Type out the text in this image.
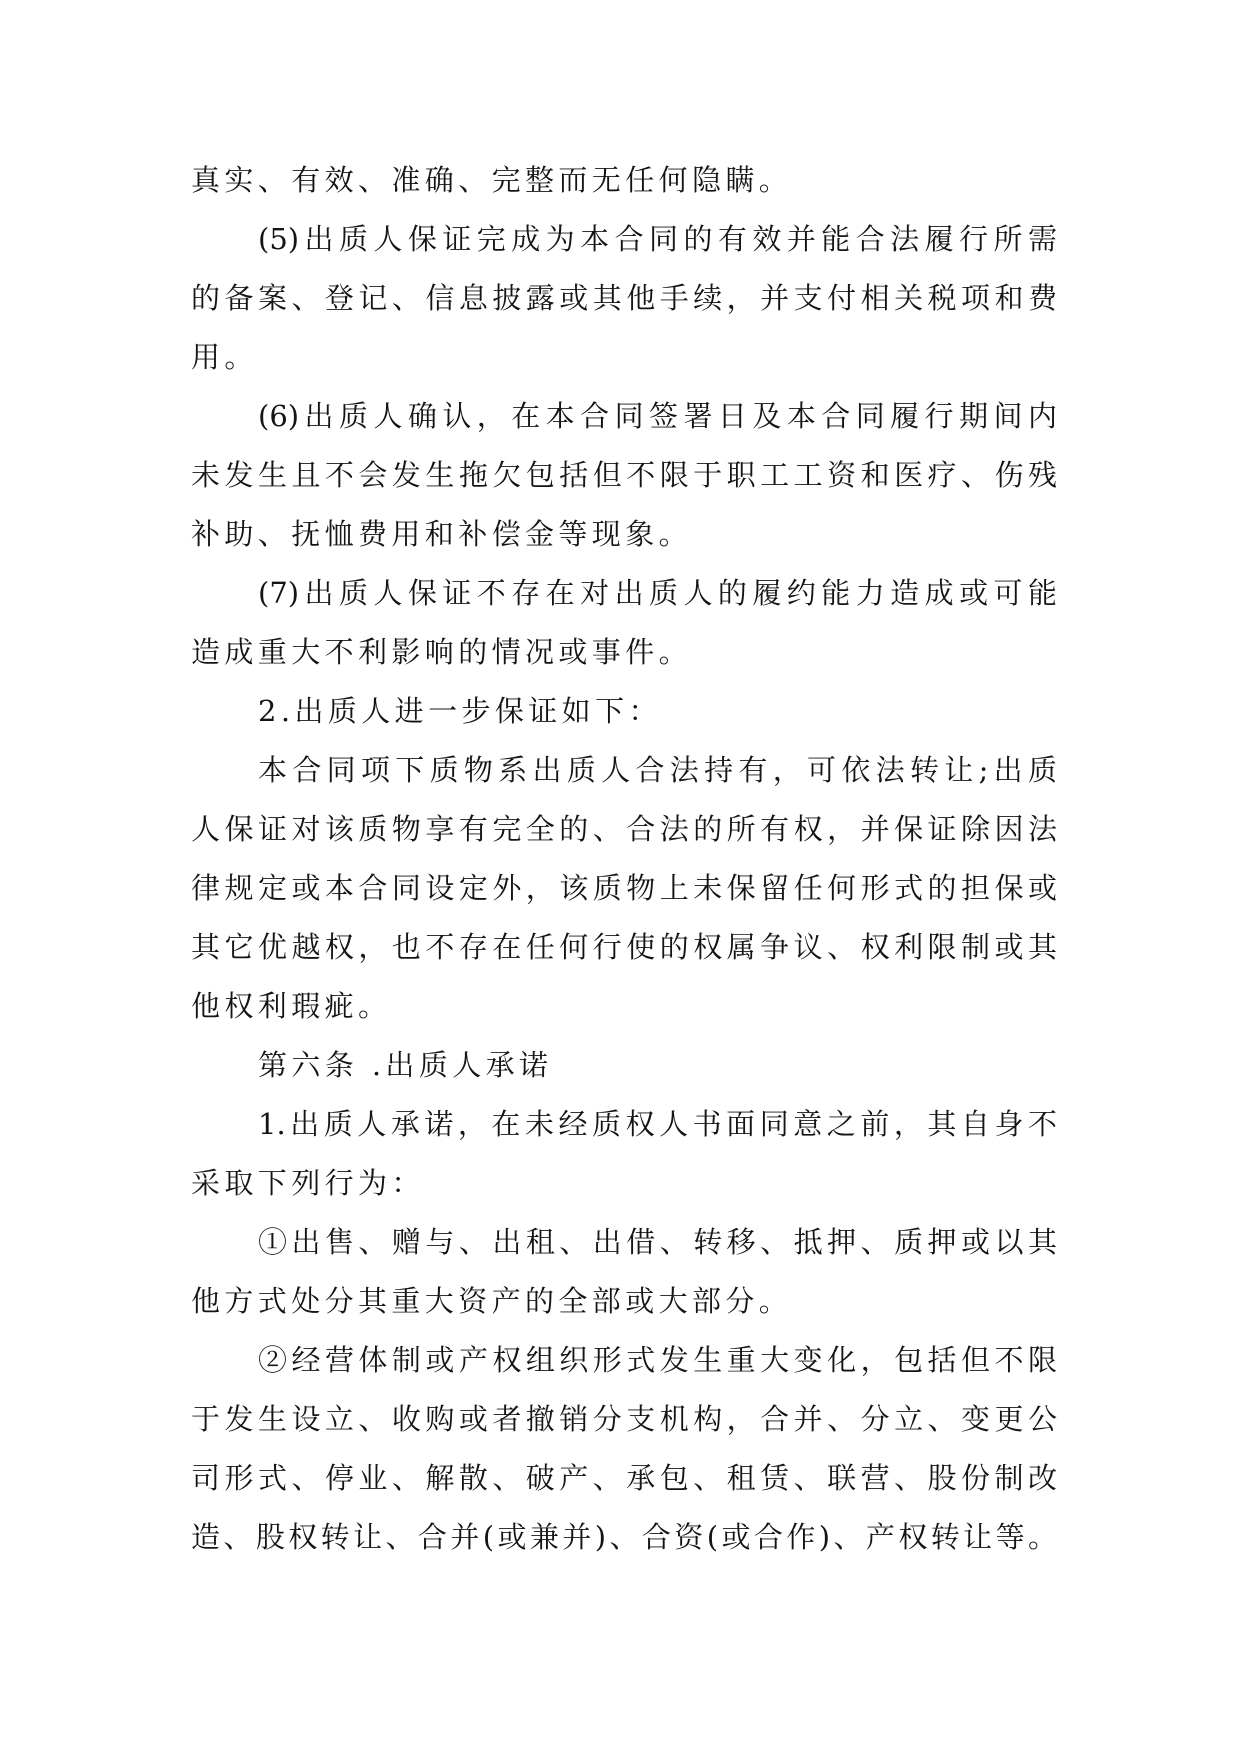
真实、有效、准确、完整而无任何隐瞒。
(5)出质人保证完成为本合同的有效并能合法履行所需
的备案、登记、信息披露或其他手续，并支付相关税项和费
用。
(6)出质人确认，在本合同签署日及本合同履行期间内
未发生且不会发生拖欠包括但不限于职工工资和医疗、伤残
补助、抚恤费用和补偿金等现象。
(7)出质人保证不存在对出质人的履约能力造成或可能
造成重大不利影响的情况或事件。
2.出质人进一步保证如下：
本合同项下质物系出质人合法持有，可依法转让;出质
人保证对该质物享有完全的、合法的所有权，并保证除因法
律规定或本合同设定外，该质物上未保留任何形式的担保或
其它优越权，也不存在任何行使的权属争议、权利限制或其
他权利瑕疵。
第六条 .出质人承诺
1.出质人承诺，在未经质权人书面同意之前，其自身不
采取下列行为：
①出售、赠与、出租、出借、转移、抵押、质押或以其
他方式处分其重大资产的全部或大部分。
②经营体制或产权组织形式发生重大变化，包括但不限
于发生设立、收购或者撤销分支机构，合并、分立、变更公
司形式、停业、解散、破产、承包、租赁、联营、股份制改
造、股权转让、合并(或兼并)、合资(或合作)、产权转让等。
